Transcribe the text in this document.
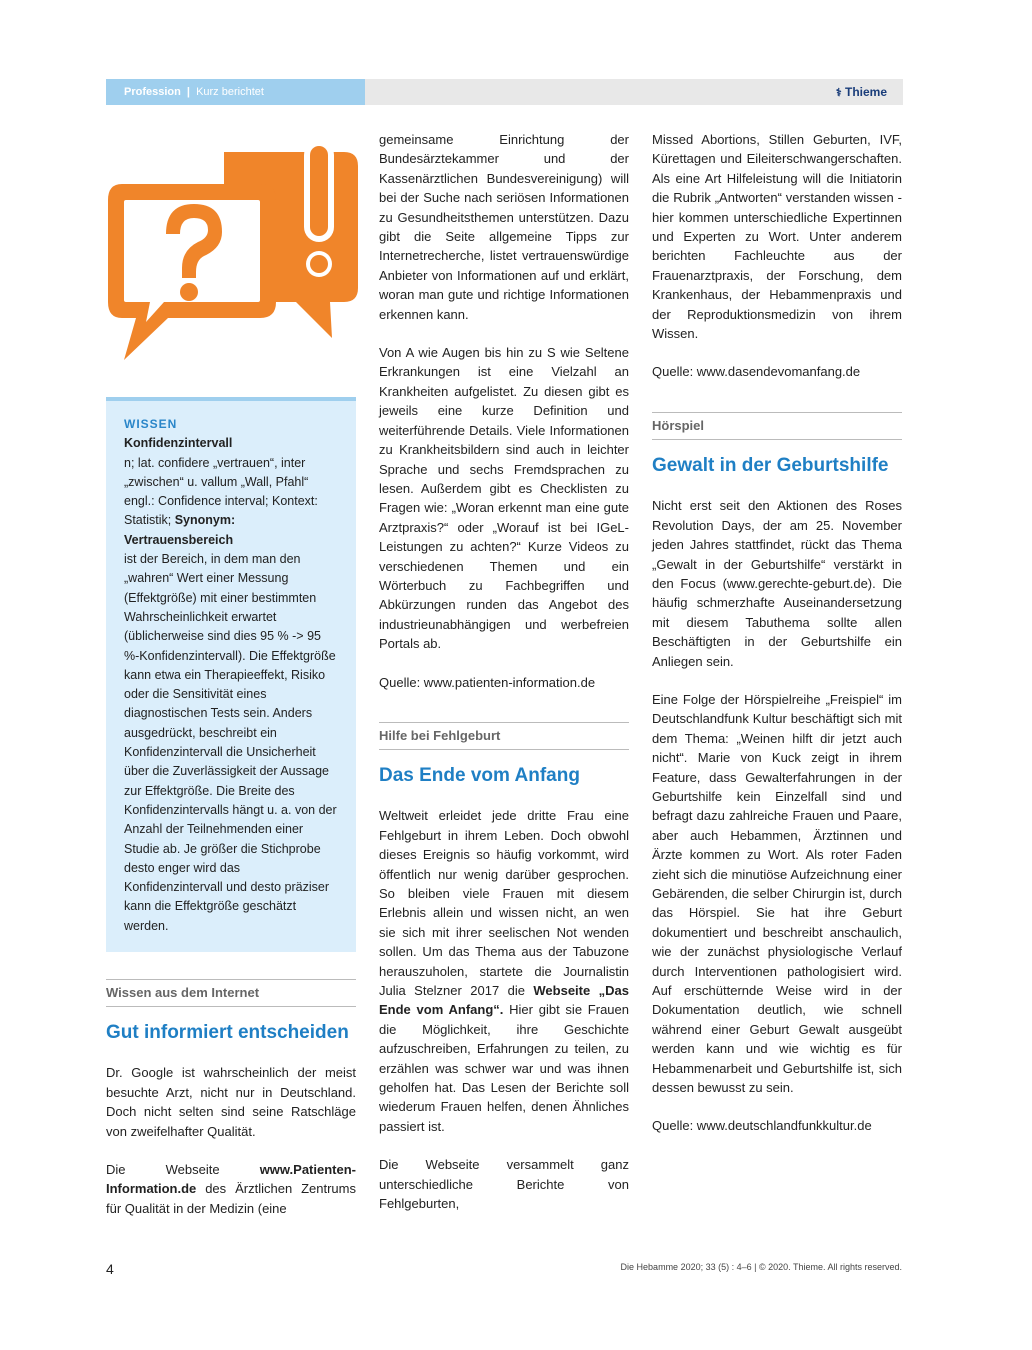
Profession | Kurz berichtet	⚕ Thieme
WISSEN
Konfidenzintervall
n; lat. confidere „vertrauen“, inter „zwischen“ u. vallum „Wall, Pfahl“ engl.: Confidence interval; Kontext: Statistik; Synonym: Vertrauensbereich
ist der Bereich, in dem man den „wahren“ Wert einer Messung (Effektgröße) mit einer bestimmten Wahrscheinlichkeit erwartet (üblicherweise sind dies 95 % -> 95 %-Konfidenzintervall). Die Effektgröße kann etwa ein Therapieeffekt, Risiko oder die Sensitivität eines diagnostischen Tests sein. Anders ausgedrückt, beschreibt ein Konfidenzintervall die Unsicherheit über die Zuverlässigkeit der Aussage zur Effektgröße. Die Breite des Konfidenzintervalls hängt u. a. von der Anzahl der Teilnehmenden einer Studie ab. Je größer die Stichprobe desto enger wird das Konfidenzintervall und desto präziser kann die Effektgröße geschätzt werden.
Wissen aus dem Internet
Gut informiert entscheiden

Dr. Google ist wahrscheinlich der meist besuchte Arzt, nicht nur in Deutschland. Doch nicht selten sind seine Ratschläge von zweifelhafter Qualität.

Die Webseite www.Patienten-Information.de des Ärztlichen Zentrums für Qualität in der Medizin (eine

gemeinsame Einrichtung der Bundesärztekammer und der Kassenärztlichen Bundesvereinigung) will bei der Suche nach seriösen Informationen zu Gesundheitsthemen unterstützen. Dazu gibt die Seite allgemeine Tipps zur Internetrecherche, listet vertrauenswürdige Anbieter von Informationen auf und erklärt, woran man gute und richtige Informationen erkennen kann.

Von A wie Augen bis hin zu S wie Seltene Erkrankungen ist eine Vielzahl an Krankheiten aufgelistet. Zu diesen gibt es jeweils eine kurze Definition und weiterführende Details. Viele Informationen zu Krankheitsbildern sind auch in leichter Sprache und sechs Fremdsprachen zu lesen. Außerdem gibt es Checklisten zu Fragen wie: „Woran erkennt man eine gute Arztpraxis?“ oder „Worauf ist bei IGeL-Leistungen zu achten?“ Kurze Videos zu verschiedenen Themen und ein Wörterbuch zu Fachbegriffen und Abkürzungen runden das Angebot des industrieunabhängigen und werbefreien Portals ab.

Quelle: www.patienten-information.de

Hilfe bei Fehlgeburt
Das Ende vom Anfang

Weltweit erleidet jede dritte Frau eine Fehlgeburt in ihrem Leben. Doch obwohl dieses Ereignis so häufig vorkommt, wird öffentlich nur wenig darüber gesprochen. So bleiben viele Frauen mit diesem Erlebnis allein und wissen nicht, an wen sie sich mit ihrer seelischen Not wenden sollen. Um das Thema aus der Tabuzone herauszuholen, startete die Journalistin Julia Stelzner 2017 die Webseite „Das Ende vom Anfang“. Hier gibt sie Frauen die Möglichkeit, ihre Geschichte aufzuschreiben, Erfahrungen zu teilen, zu erzählen was schwer war und was ihnen geholfen hat. Das Lesen der Berichte soll wiederum Frauen helfen, denen Ähnliches passiert ist.

Die Webseite versammelt ganz unterschiedliche Berichte von Fehlgeburten,

Missed Abortions, Stillen Geburten, IVF, Kürettagen und Eileiterschwangerschaften. Als eine Art Hilfeleistung will die Initiatorin die Rubrik „Antworten“ verstanden wissen - hier kommen unterschiedliche Expertinnen und Experten zu Wort. Unter anderem berichten Fachleuchte aus der Frauenarztpraxis, der Forschung, dem Krankenhaus, der Hebammenpraxis und der Reproduktionsmedizin von ihrem Wissen.

Quelle: www.dasendevomanfang.de

Hörspiel
Gewalt in der Geburtshilfe

Nicht erst seit den Aktionen des Roses Revolution Days, der am 25. November jeden Jahres stattfindet, rückt das Thema „Gewalt in der Geburtshilfe“ verstärkt in den Focus (www.gerechte-geburt.de). Die häufig schmerzhafte Auseinandersetzung mit diesem Tabuthema sollte allen Beschäftigten in der Geburtshilfe ein Anliegen sein.

Eine Folge der Hörspielreihe „Freispiel“ im Deutschlandfunk Kultur beschäftigt sich mit dem Thema: „Weinen hilft dir jetzt auch nicht“. Marie von Kuck zeigt in ihrem Feature, dass Gewalterfahrungen in der Geburtshilfe kein Einzelfall sind und befragt dazu zahlreiche Frauen und Paare, aber auch Hebammen, Ärztinnen und Ärzte kommen zu Wort. Als roter Faden zieht sich die minutiöse Aufzeichnung einer Gebärenden, die selber Chirurgin ist, durch das Hörspiel. Sie hat ihre Geburt dokumentiert und beschreibt anschaulich, wie der zunächst physiologische Verlauf durch Interventionen pathologisiert wird. Auf erschütternde Weise wird in der Dokumentation deutlich, wie schnell während einer Geburt Gewalt ausgeübt werden kann und wie wichtig es für Hebammenarbeit und Geburtshilfe ist, sich dessen bewusst zu sein.

Quelle: www.deutschlandfunkkultur.de

4	Die Hebamme 2020; 33 (5) : 4–6 | © 2020. Thieme. All rights reserved.
